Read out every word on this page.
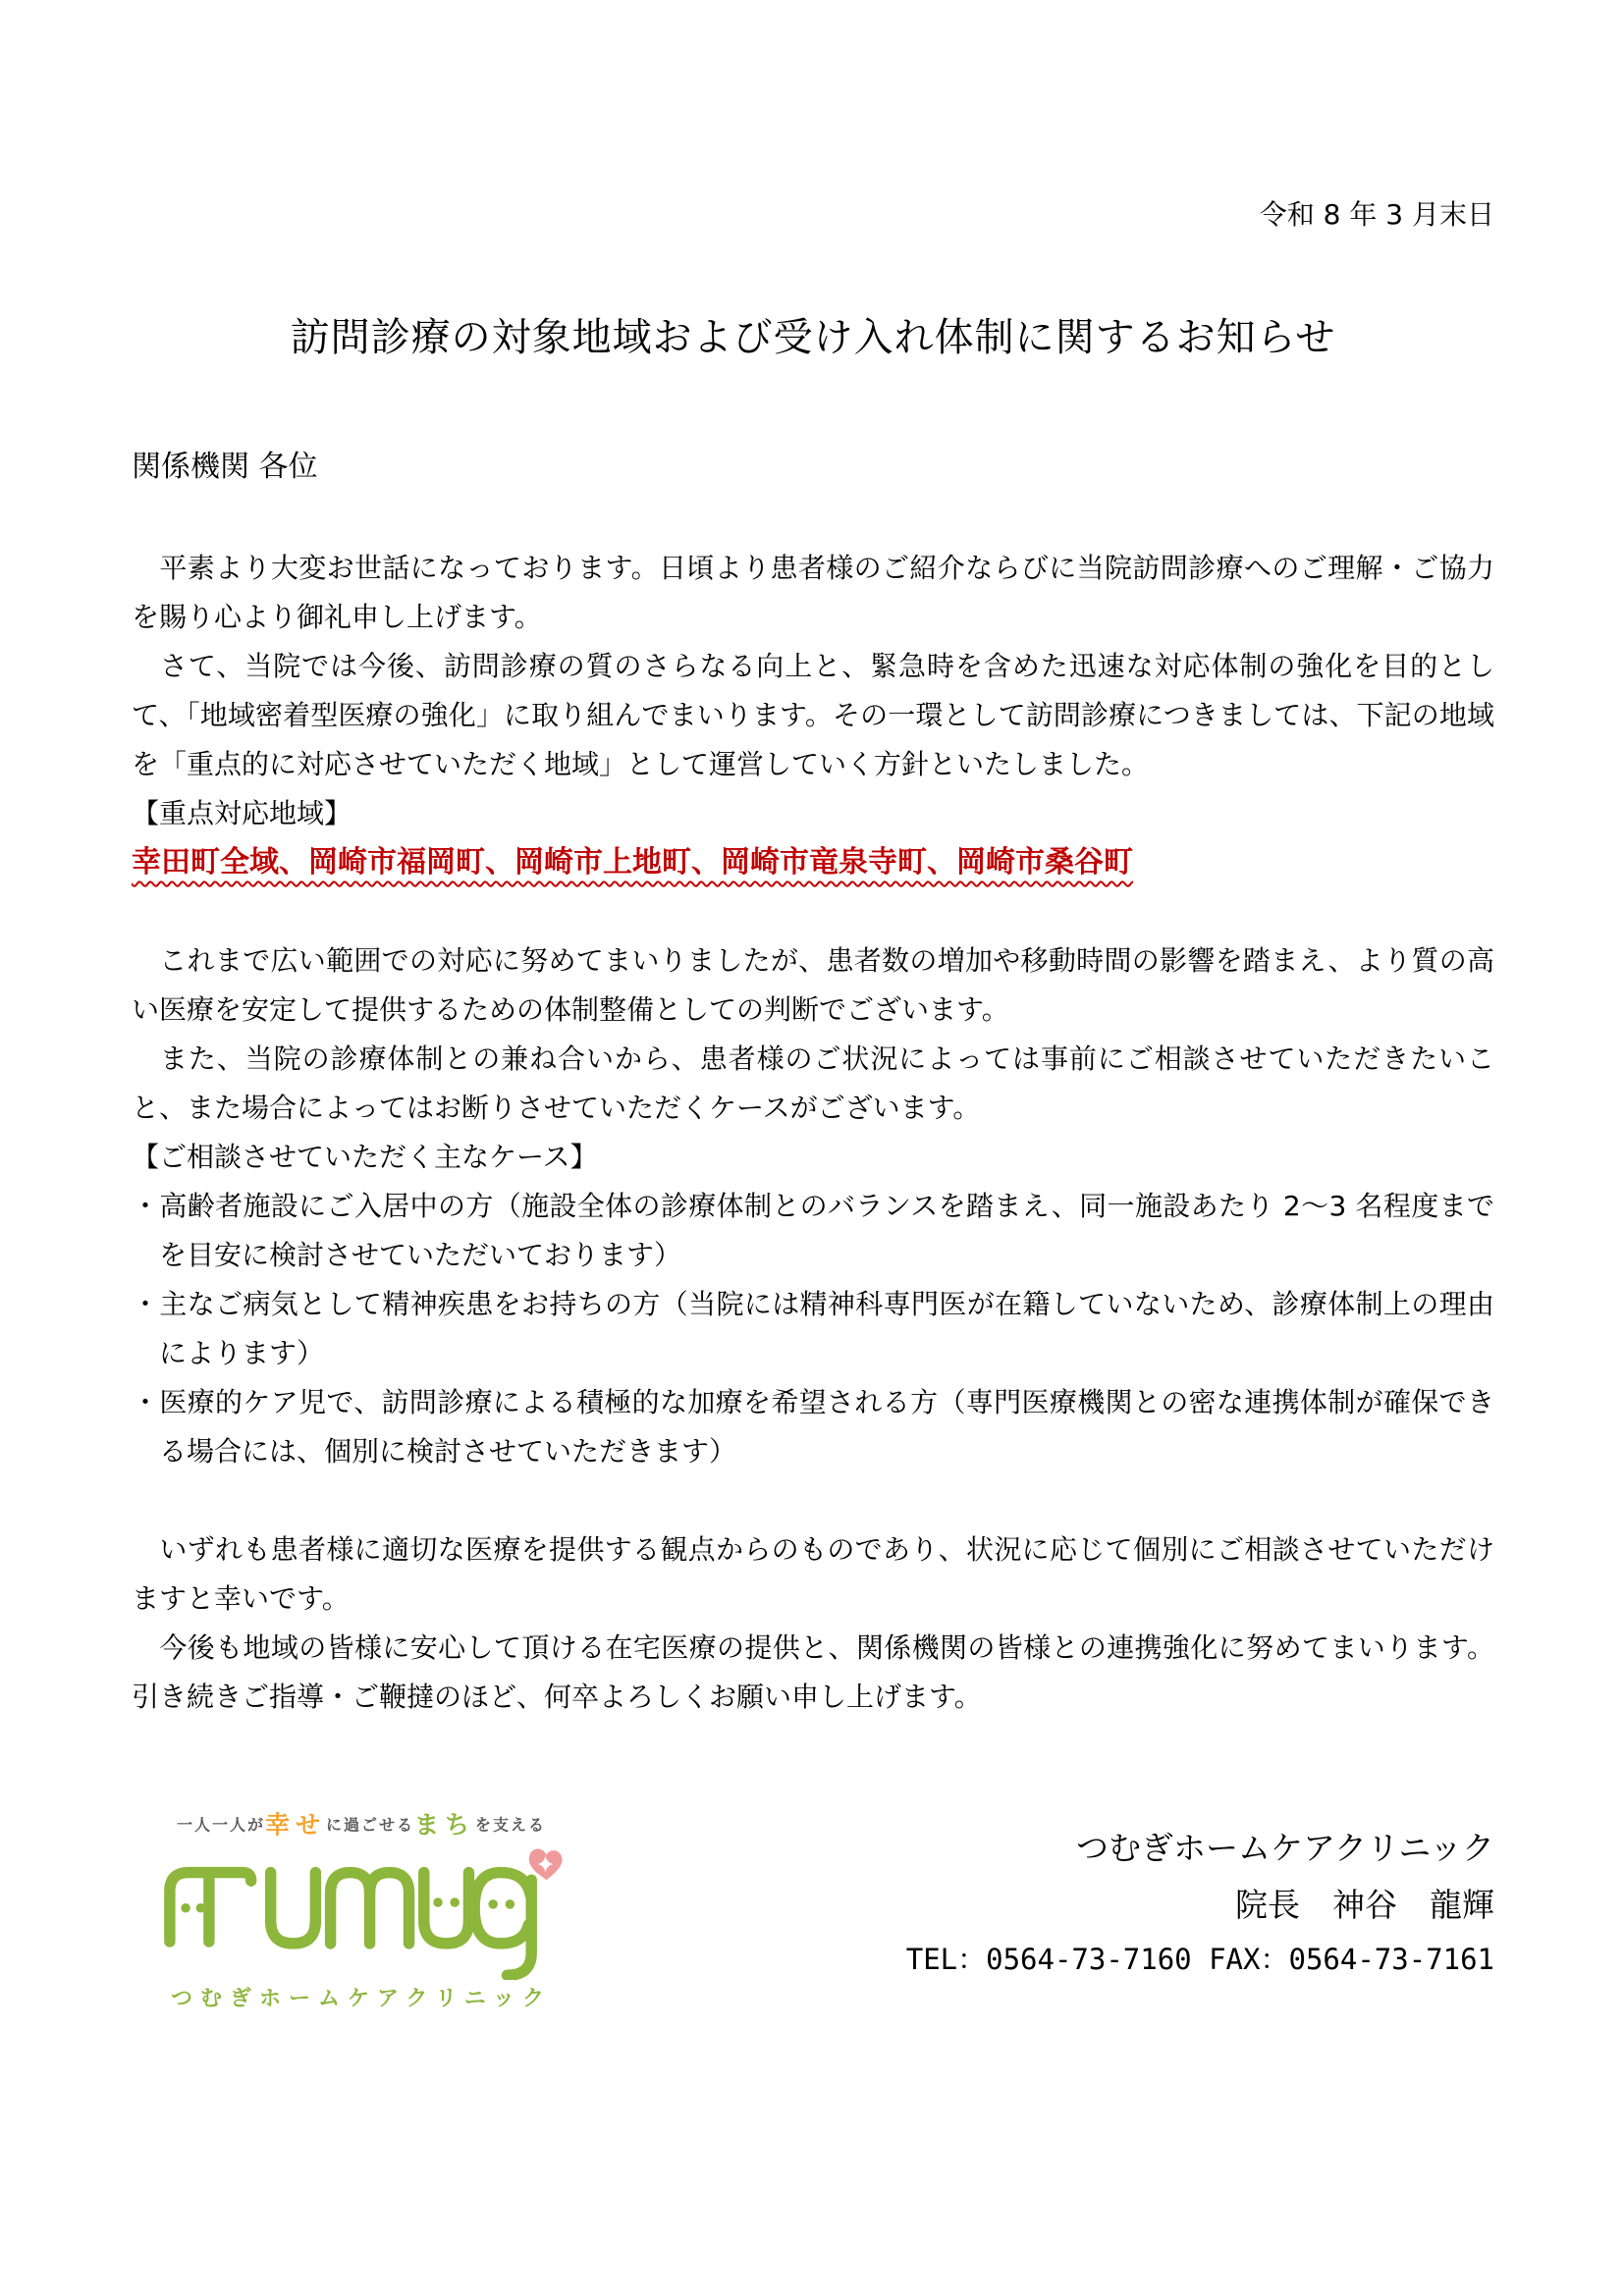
令和 8 年 3 月末日
訪問診療の対象地域および受け入れ体制に関するお知らせ
関係機関 各位

　平素より大変お世話になっております。日頃より患者様のご紹介ならびに当院訪問診療へのご理解・ご協力を賜り心より御礼申し上げます。

　さて、当院では今後、訪問診療の質のさらなる向上と、緊急時を含めた迅速な対応体制の強化を目的として、「地域密着型医療の強化」に取り組んでまいります。その一環として訪問診療につきましては、下記の地域を「重点的に対応させていただく地域」として運営していく方針といたしました。

【重点対応地域】
幸田町全域、岡崎市福岡町、岡崎市上地町、岡崎市竜泉寺町、岡崎市桑谷町

　これまで広い範囲での対応に努めてまいりましたが、患者数の増加や移動時間の影響を踏まえ、より質の高い医療を安定して提供するための体制整備としての判断でございます。

　また、当院の診療体制との兼ね合いから、患者様のご状況によっては事前にご相談させていただきたいこと、また場合によってはお断りさせていただくケースがございます。

【ご相談させていただく主なケース】

・高齢者施設にご入居中の方（施設全体の診療体制とのバランスを踏まえ、同一施設あたり 2～3 名程度までを目安に検討させていただいております）

・主なご病気として精神疾患をお持ちの方（当院には精神科専門医が在籍していないため、診療体制上の理由によります）

・医療的ケア児で、訪問診療による積極的な加療を希望される方（専門医療機関との密な連携体制が確保できる場合には、個別に検討させていただきます）

　いずれも患者様に適切な医療を提供する観点からのものであり、状況に応じて個別にご相談させていただけますと幸いです。

　今後も地域の皆様に安心して頂ける在宅医療の提供と、関係機関の皆様との連携強化に努めてまいります。引き続きご指導・ご鞭撻のほど、何卒よろしくお願い申し上げます。

一人一人が幸せに過ごせるまちを支える
つむぎホームケアクリニック
つむぎホームケアクリニック
院長　神谷　龍輝
TEL：0564-73-7160 FAX：0564-73-7161
